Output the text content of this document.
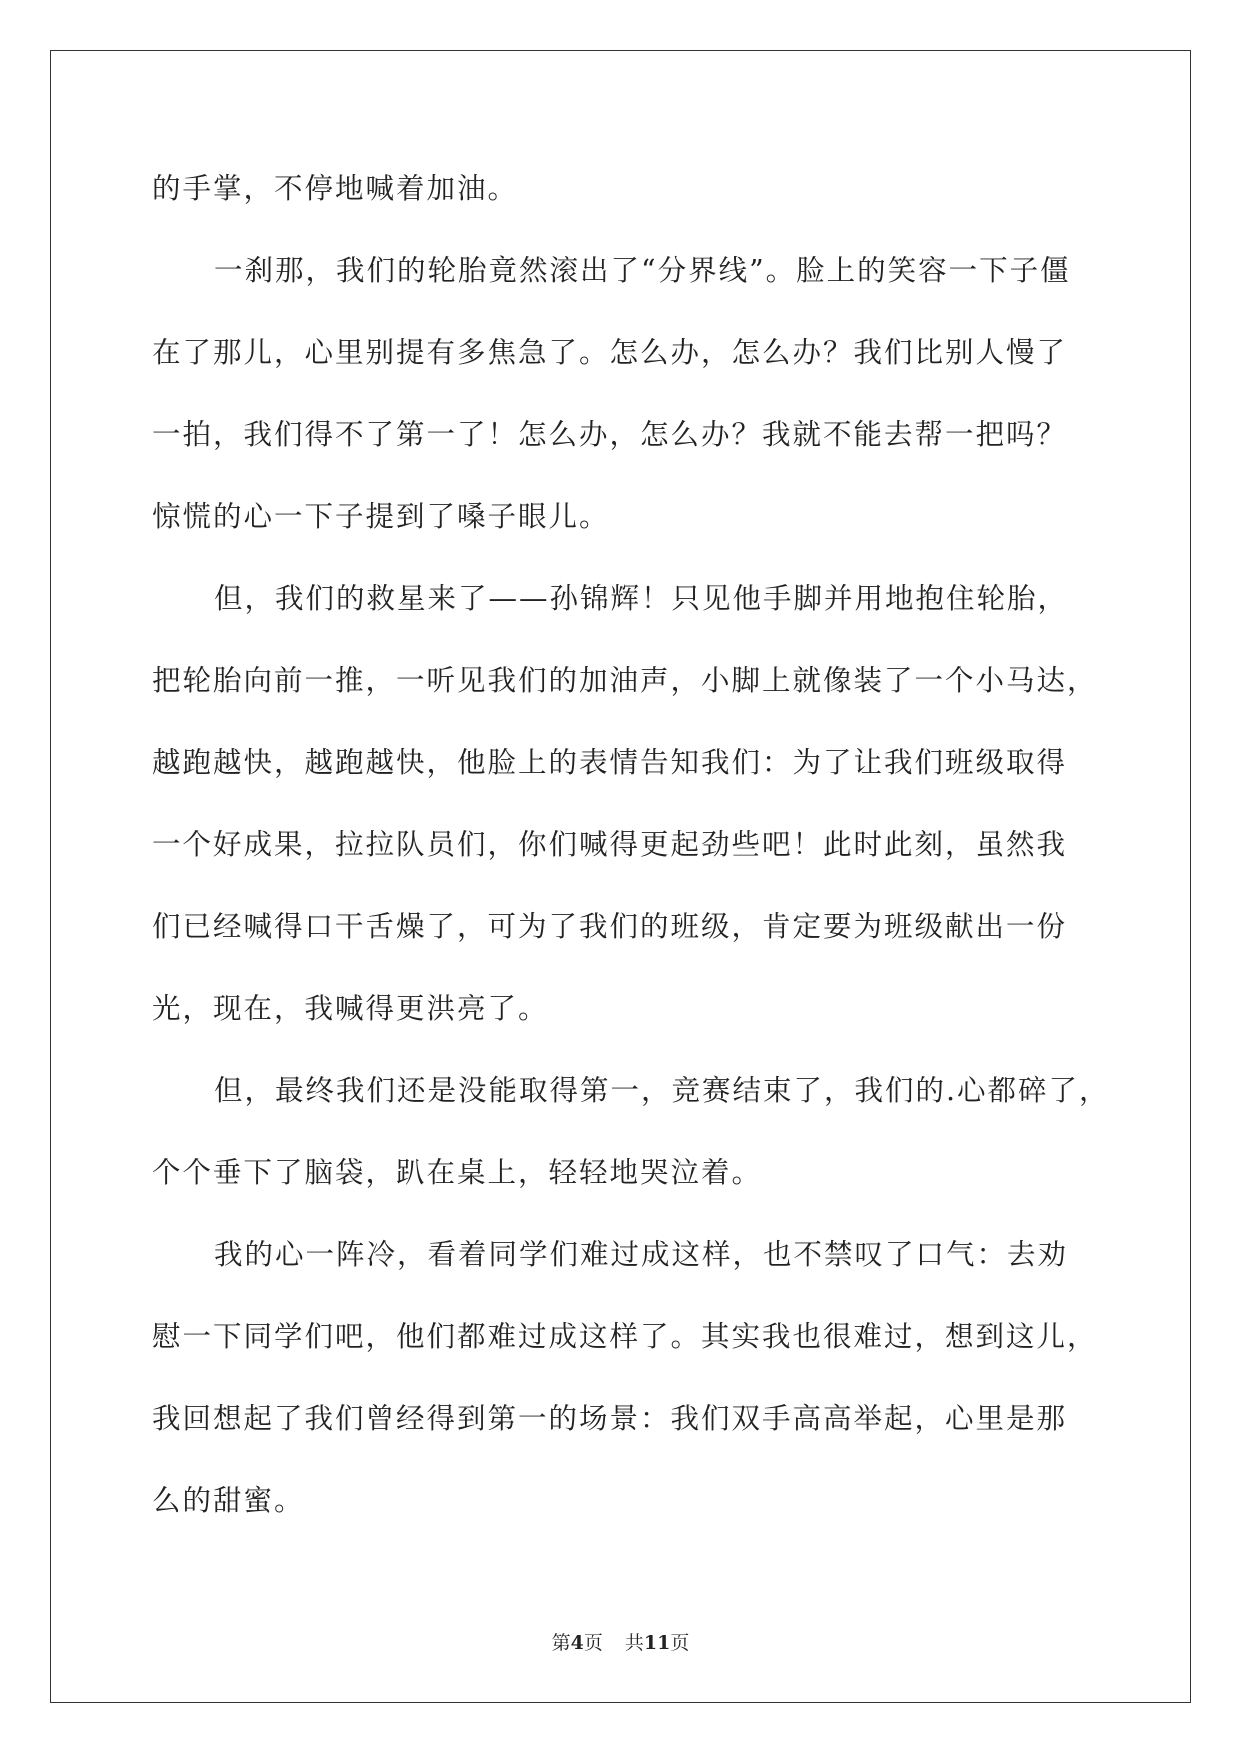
的手掌，不停地喊着加油。
一刹那，我们的轮胎竟然滚出了“分界线”。脸上的笑容一下子僵
在了那儿，心里别提有多焦急了。怎么办，怎么办？我们比别人慢了
一拍，我们得不了第一了！怎么办，怎么办？我就不能去帮一把吗？
惊慌的心一下子提到了嗓子眼儿。
但，我们的救星来了——孙锦辉！只见他手脚并用地抱住轮胎，
把轮胎向前一推，一听见我们的加油声，小脚上就像装了一个小马达，
越跑越快，越跑越快，他脸上的表情告知我们：为了让我们班级取得
一个好成果，拉拉队员们，你们喊得更起劲些吧！此时此刻，虽然我
们已经喊得口干舌燥了，可为了我们的班级，肯定要为班级献出一份
光，现在，我喊得更洪亮了。
但，最终我们还是没能取得第一，竞赛结束了，我们的.心都碎了，
个个垂下了脑袋，趴在桌上，轻轻地哭泣着。
我的心一阵冷，看着同学们难过成这样，也不禁叹了口气：去劝
慰一下同学们吧，他们都难过成这样了。其实我也很难过，想到这儿，
我回想起了我们曾经得到第一的场景：我们双手高高举起，心里是那
么的甜蜜。
第4页 共11页
